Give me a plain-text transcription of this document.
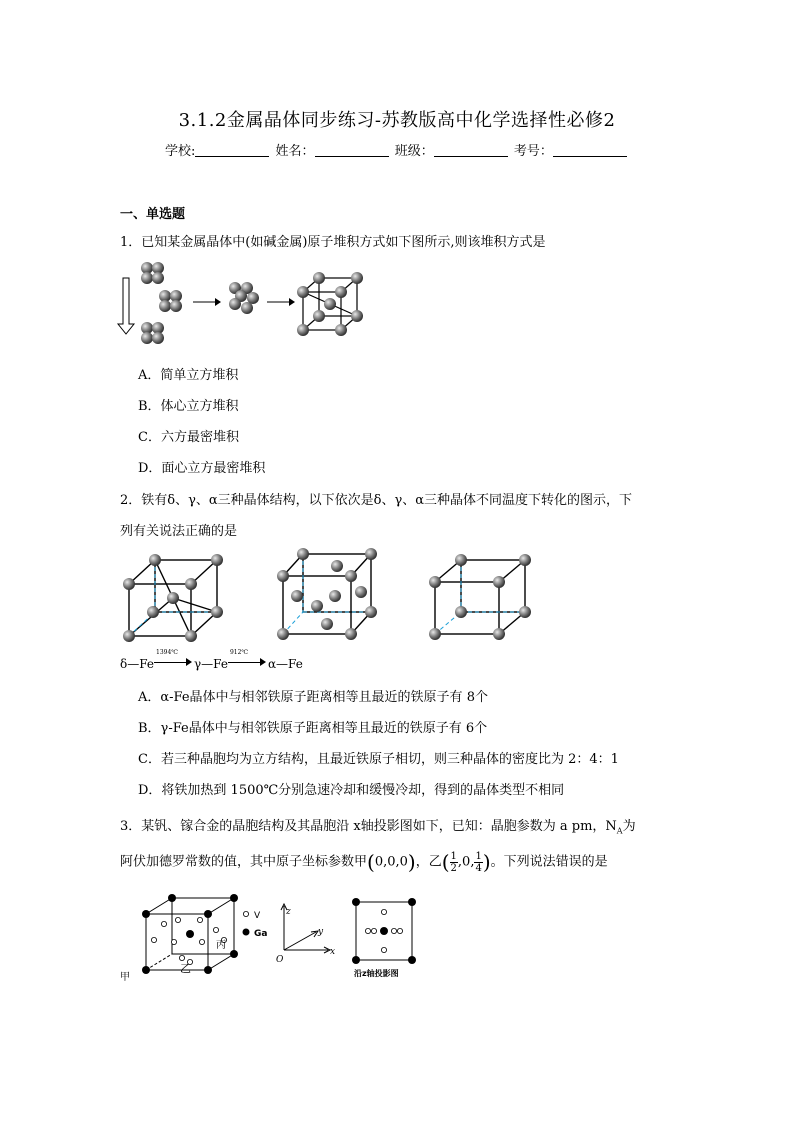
3.1.2金属晶体同步练习-苏教版高中化学选择性必修2
学校:	姓名：	班级：	考号：
一、单选题
1．已知某金属晶体中(如碱金属)原子堆积方式如下图所示,则该堆积方式是
A．简单立方堆积
B．体心立方堆积
C．六方最密堆积
D．面心立方最密堆积
2．铁有δ、γ、α三种晶体结构，以下依次是δ、γ、α三种晶体不同温度下转化的图示，下
列有关说法正确的是
δ—Fe
1394℃
γ—Fe
912℃
α—Fe
A．α-Fe晶体中与相邻铁原子距离相等且最近的铁原子有 8个
B．γ-Fe晶体中与相邻铁原子距离相等且最近的铁原子有 6个
C．若三种晶胞均为立方结构，且最近铁原子相切，则三种晶体的密度比为 2：4：1
D．将铁加热到 1500℃分别急速冷却和缓慢冷却，得到的晶体类型不相同
3．某钒、镓合金的晶胞结构及其晶胞沿 x轴投影图如下，已知：晶胞参数为 a pm，$N_A$为
阿伏加德罗常数的值，其中原子坐标参数甲(0,0,0)，乙( $\frac{1}{2} ,0$, $\frac{1}{4}$ )。下列说法错误的是
甲
乙
丙
V
Ga
z
y
x
O
沿z轴投影图
